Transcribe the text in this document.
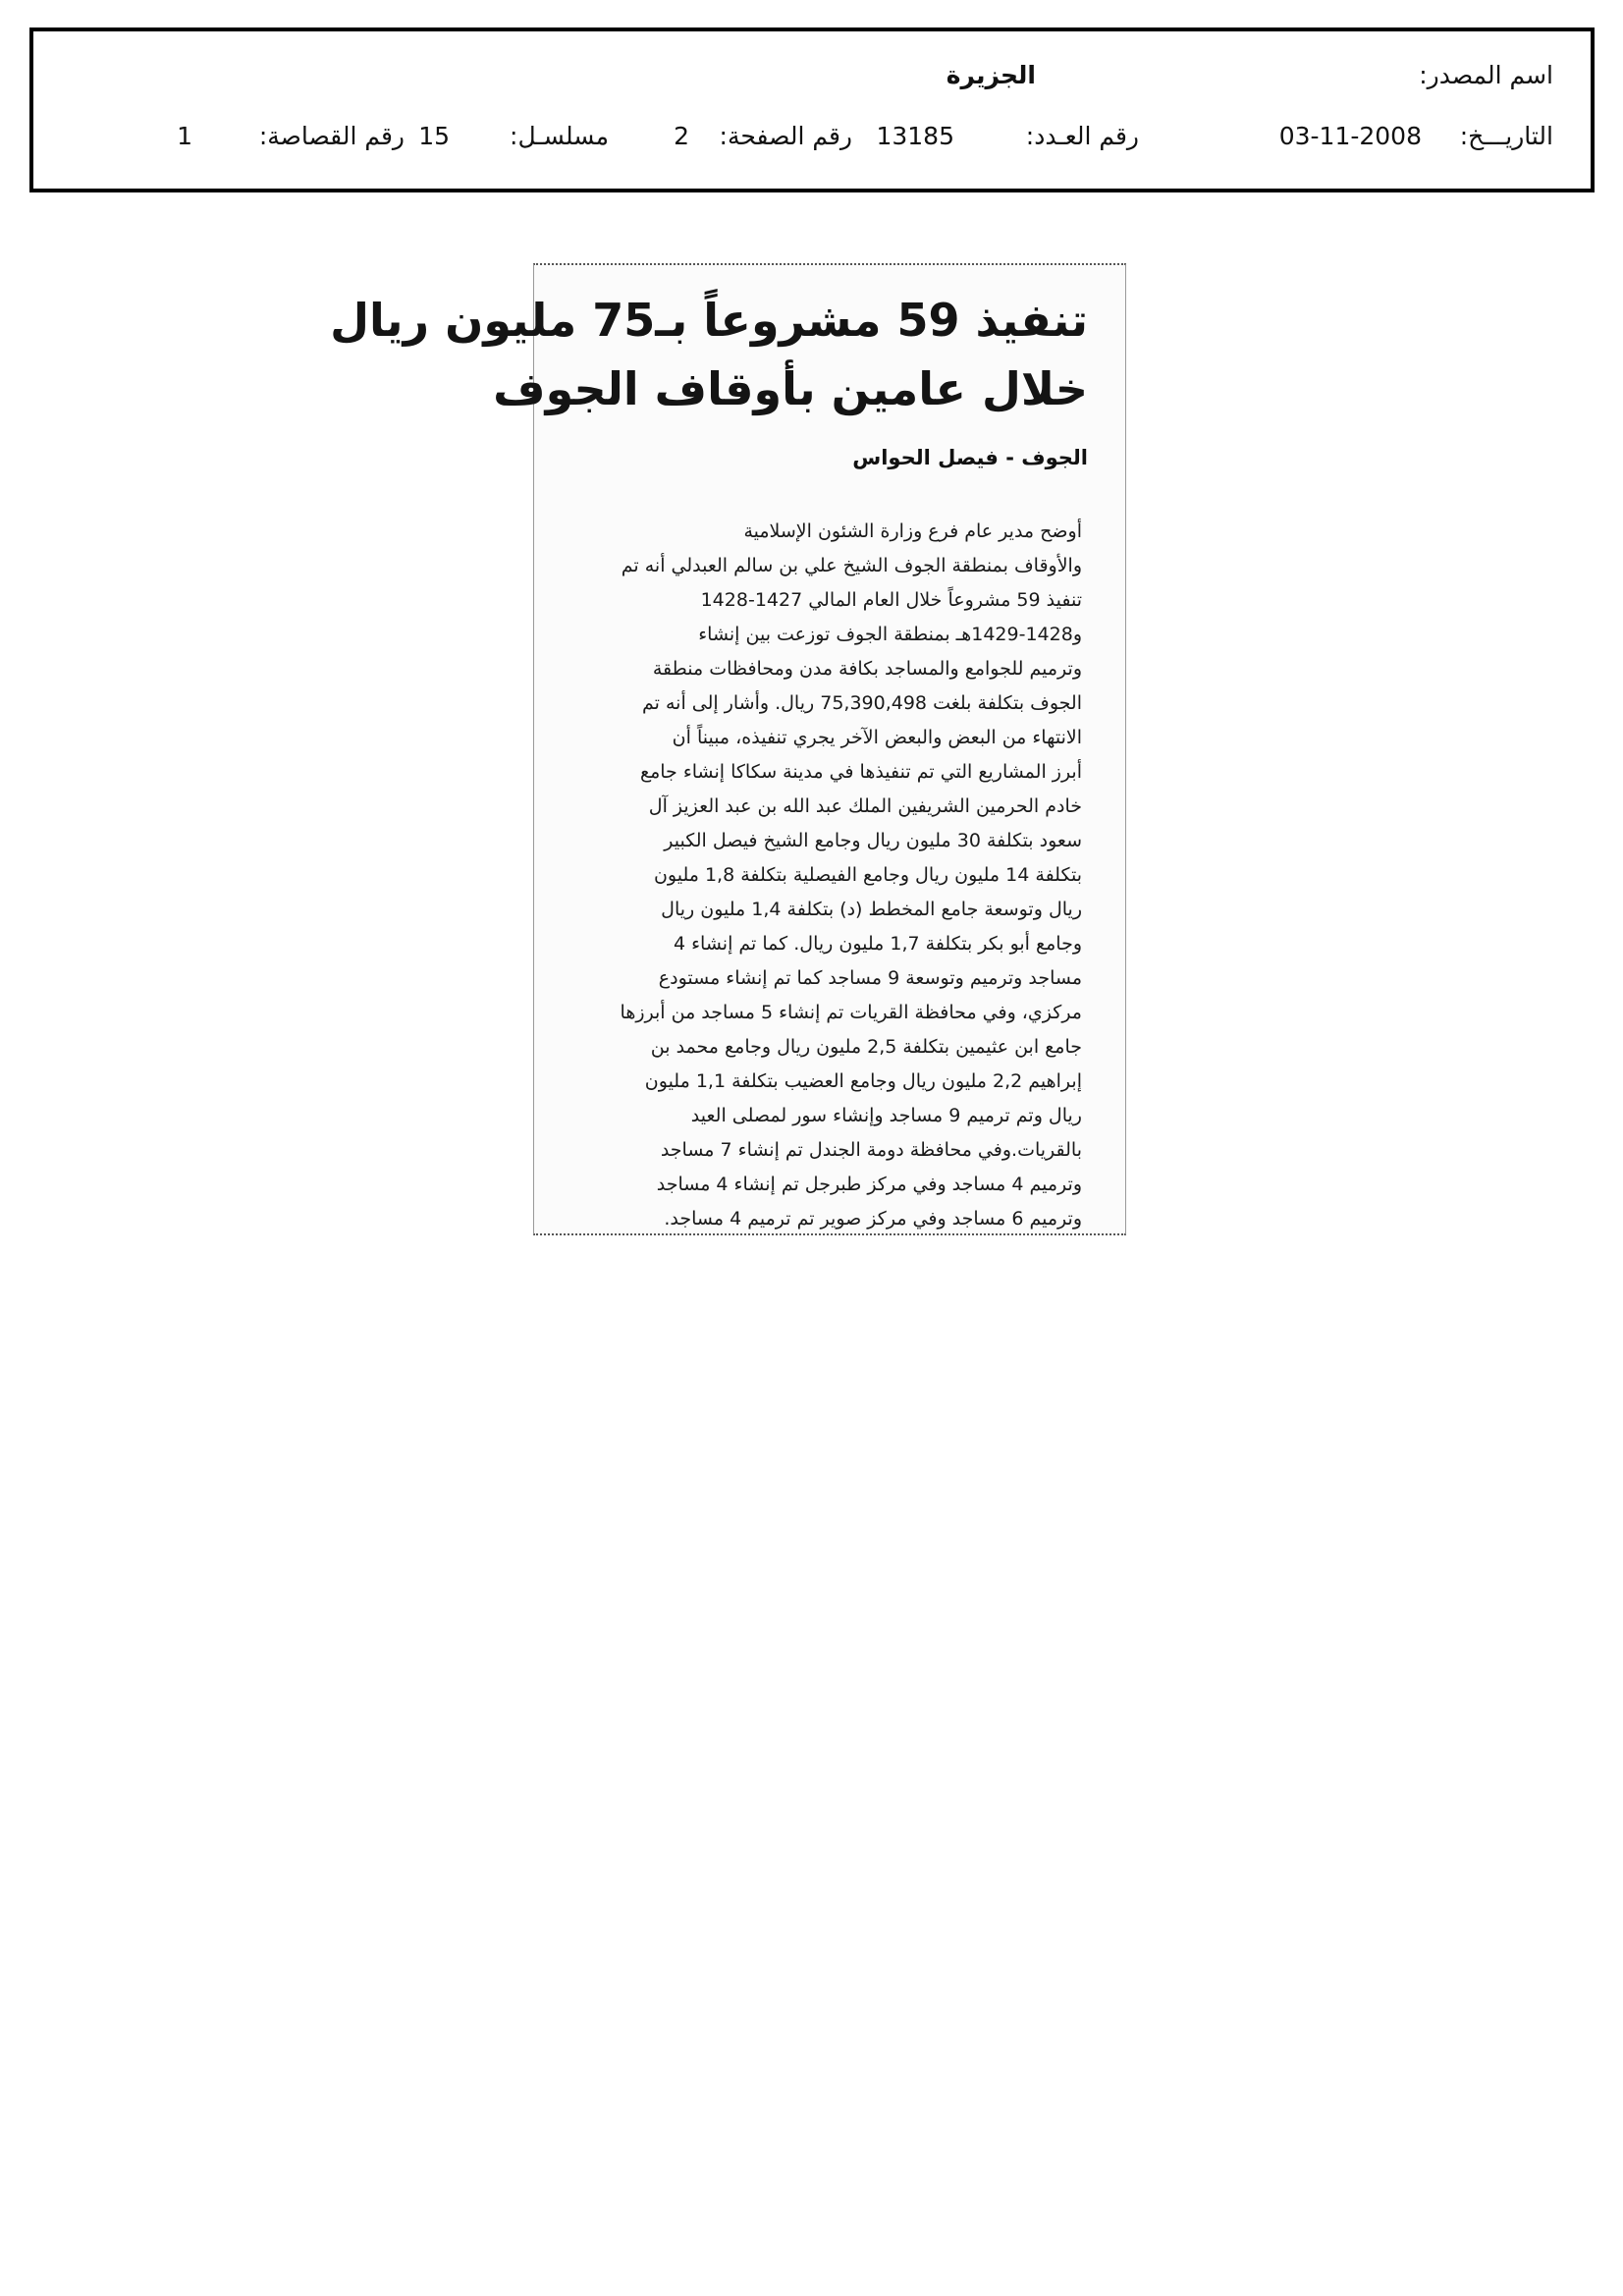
اسم المصدر:
الجزيرة
التاريـــخ:
03-11-2008
رقم العـدد:
13185
رقم الصفحة:
2
مسلسـل:
15
رقم القصاصة:
1
تنفيذ 59 مشروعاً بـ75 مليون ريال
خلال عامين بأوقاف الجوف
الجوف - فيصل الحواس
أوضح مدير عام فرع وزارة الشئون الإسلامية
والأوقاف بمنطقة الجوف الشيخ علي بن سالم العبدلي أنه تم
تنفيذ 59 مشروعاً خلال العام المالي 1427-1428
و1428-1429هـ بمنطقة الجوف توزعت بين إنشاء
وترميم للجوامع والمساجد بكافة مدن ومحافظات منطقة
الجوف بتكلفة بلغت 75,390,498 ريال. وأشار إلى أنه تم
الانتهاء من البعض والبعض الآخر يجري تنفيذه، مبيناً أن
أبرز المشاريع التي تم تنفيذها في مدينة سكاكا إنشاء جامع
خادم الحرمين الشريفين الملك عبد الله بن عبد العزيز آل
سعود بتكلفة 30 مليون ريال وجامع الشيخ فيصل الكبير
بتكلفة 14 مليون ريال وجامع الفيصلية بتكلفة 1,8 مليون
ريال وتوسعة جامع المخطط (د) بتكلفة 1,4 مليون ريال
وجامع أبو بكر بتكلفة 1,7 مليون ريال. كما تم إنشاء 4
مساجد وترميم وتوسعة 9 مساجد كما تم إنشاء مستودع
مركزي، وفي محافظة القريات تم إنشاء 5 مساجد من أبرزها
جامع ابن عثيمين بتكلفة 2,5 مليون ريال وجامع محمد بن
إبراهيم 2,2 مليون ريال وجامع العضيب بتكلفة 1,1 مليون
ريال وتم ترميم 9 مساجد وإنشاء سور لمصلى العيد
بالقريات.وفي محافظة دومة الجندل تم إنشاء 7 مساجد
وترميم 4 مساجد وفي مركز طبرجل تم إنشاء 4 مساجد
وترميم 6 مساجد وفي مركز صوير تم ترميم 4 مساجد.
